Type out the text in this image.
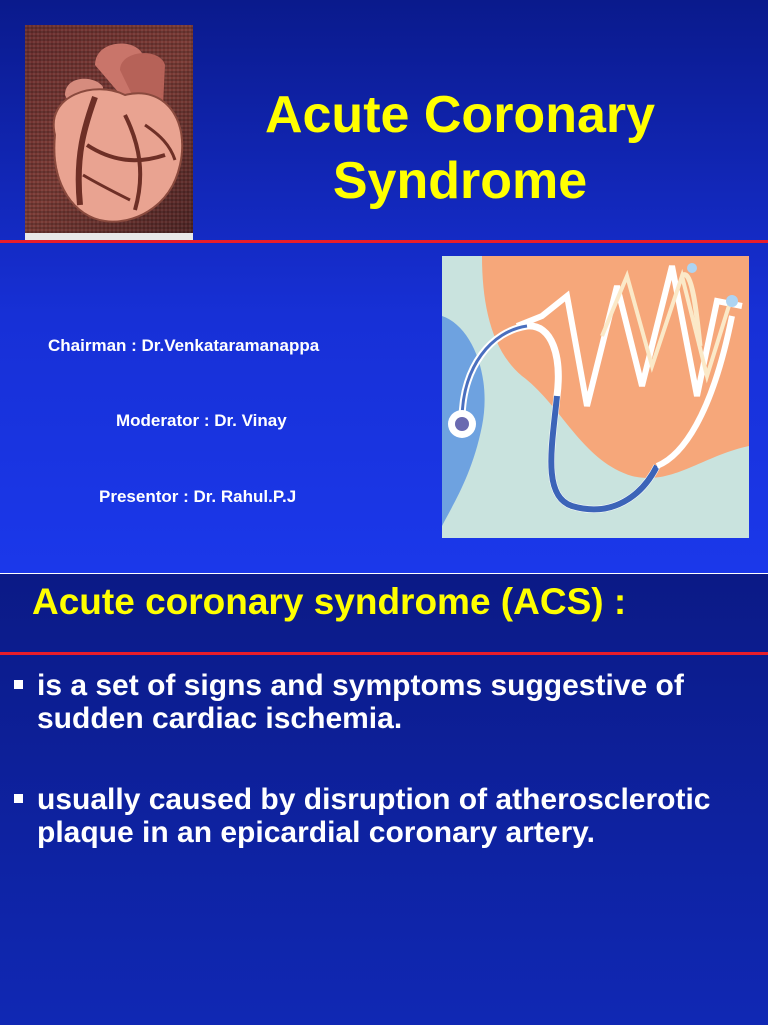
Acute Coronary
Syndrome
Chairman : Dr.Venkataramanappa
Moderator : Dr. Vinay
Presentor : Dr. Rahul.P.J
Acute coronary syndrome (ACS) :
is a set of signs and symptoms suggestive of sudden cardiac ischemia.
usually caused by disruption of atherosclerotic plaque in an epicardial coronary artery.
